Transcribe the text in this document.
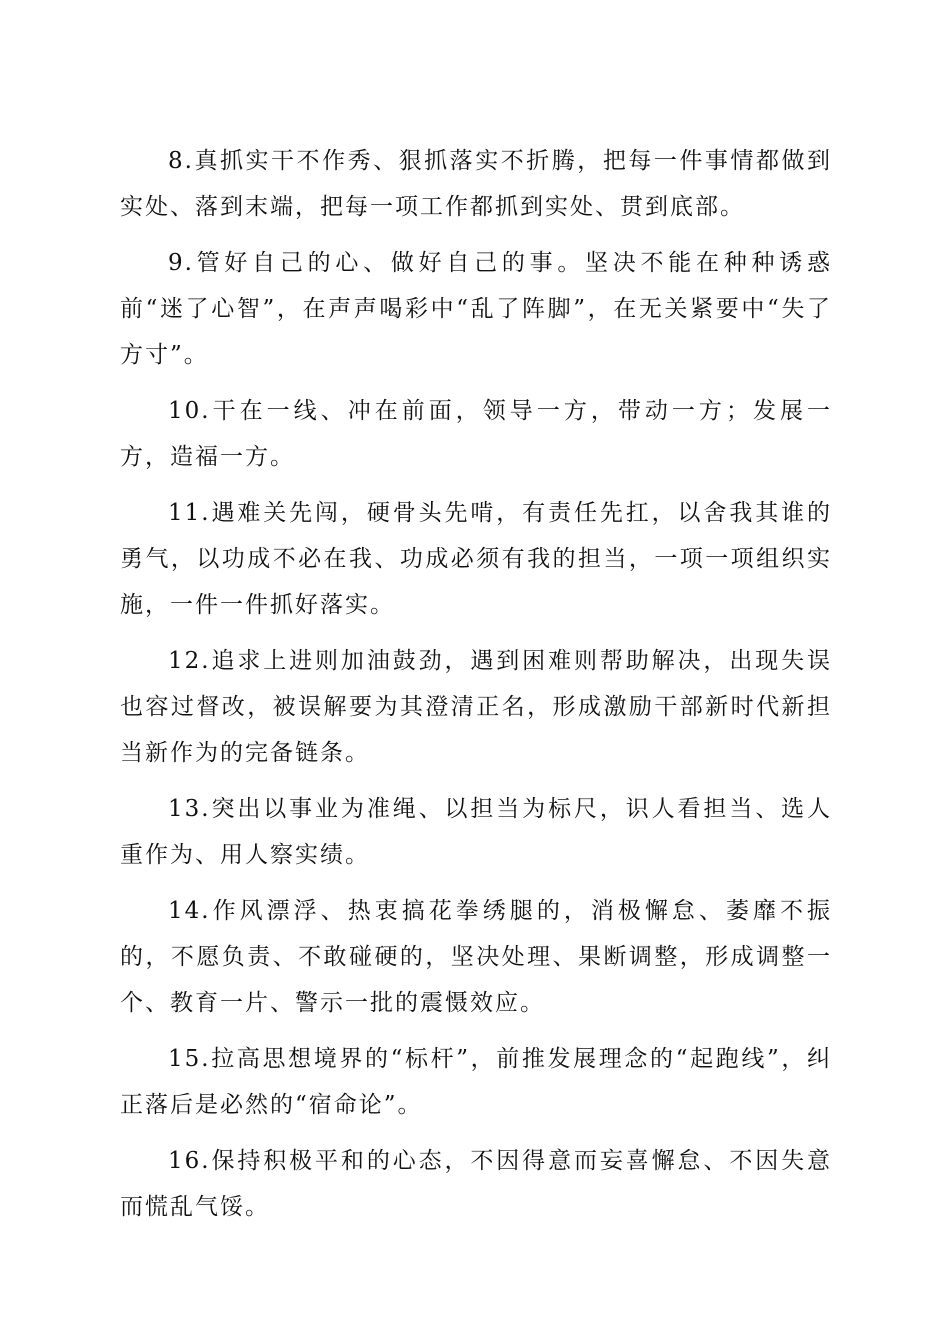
8.真抓实干不作秀、狠抓落实不折腾，把每一件事情都做到实处、落到末端，把每一项工作都抓到实处、贯到底部。

9.管好自己的心、做好自己的事。坚决不能在种种诱惑前“迷了心智”，在声声喝彩中“乱了阵脚”，在无关紧要中“失了方寸”。

10.干在一线、冲在前面，领导一方，带动一方；发展一方，造福一方。

11.遇难关先闯，硬骨头先啃，有责任先扛，以舍我其谁的勇气，以功成不必在我、功成必须有我的担当，一项一项组织实施，一件一件抓好落实。

12.追求上进则加油鼓劲，遇到困难则帮助解决，出现失误也容过督改，被误解要为其澄清正名，形成激励干部新时代新担当新作为的完备链条。

13.突出以事业为准绳、以担当为标尺，识人看担当、选人重作为、用人察实绩。

14.作风漂浮、热衷搞花拳绣腿的，消极懈怠、萎靡不振的，不愿负责、不敢碰硬的，坚决处理、果断调整，形成调整一个、教育一片、警示一批的震慑效应。

15.拉高思想境界的“标杆”，前推发展理念的“起跑线”，纠正落后是必然的“宿命论”。

16.保持积极平和的心态，不因得意而妄喜懈怠、不因失意而慌乱气馁。
